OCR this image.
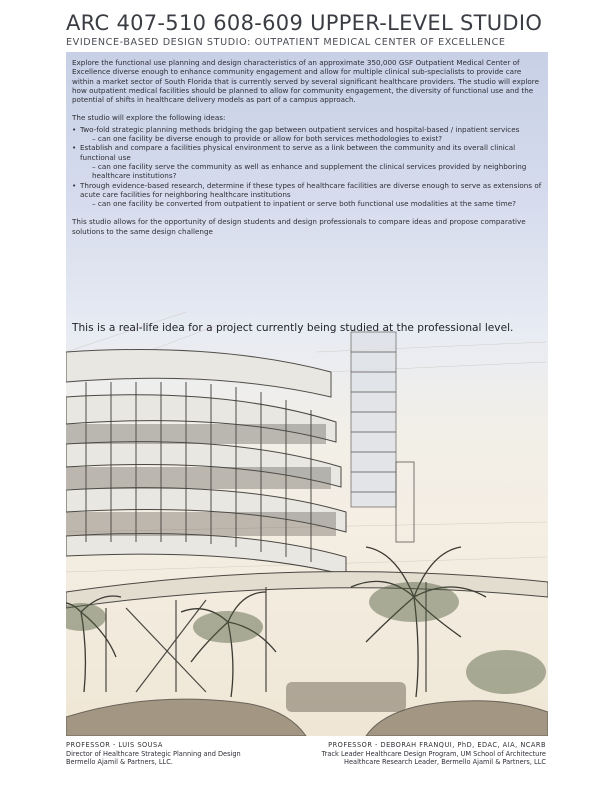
ARC 407-510 608-609 UPPER-LEVEL STUDIO
EVIDENCE-BASED DESIGN STUDIO: OUTPATIENT MEDICAL CENTER OF EXCELLENCE

Explore the functional use planning and design characteristics of an approximate 350,000 GSF Outpatient Medical Center of Excellence diverse enough to enhance community engagement and allow for multiple clinical sub-specialists to provide care within a market sector of South Florida that is currently served by several significant healthcare providers. The studio will explore how outpatient medical facilities should be planned to allow for community engagement, the diversity of functional use and the potential of shifts in healthcare delivery models as part of a campus approach.

The studio will explore the following ideas:

• Two-fold strategic planning methods bridging the gap between outpatient services and hospital-based / inpatient services
– can one facility be diverse enough to provide or allow for both services methodologies to exist?
• Establish and compare a facilities physical environment to serve as a link between the community and its overall clinical functional use
– can one facility serve the community as well as enhance and supplement the clinical services provided by neighboring healthcare institutions?
• Through evidence-based research, determine if these types of healthcare facilities are diverse enough to serve as extensions of acute care facilities for neighboring healthcare institutions
– can one facility be converted from outpatient to inpatient or serve both functional use modalities at the same time?

This studio allows for the opportunity of design students and design professionals to compare ideas and propose comparative solutions to the same design challenge

This is a real-life idea for a project currently being studied at the professional level.
PROFESSOR - LUIS SOUSA
Director of Healthcare Strategic Planning and Design
Bermello Ajamil & Partners, LLC.
PROFESSOR - DEBORAH FRANQUI, PhD, EDAC, AIA, NCARB
Track Leader Healthcare Design Program, UM School of Architecture
Healthcare Research Leader, Bermello Ajamil & Partners, LLC
